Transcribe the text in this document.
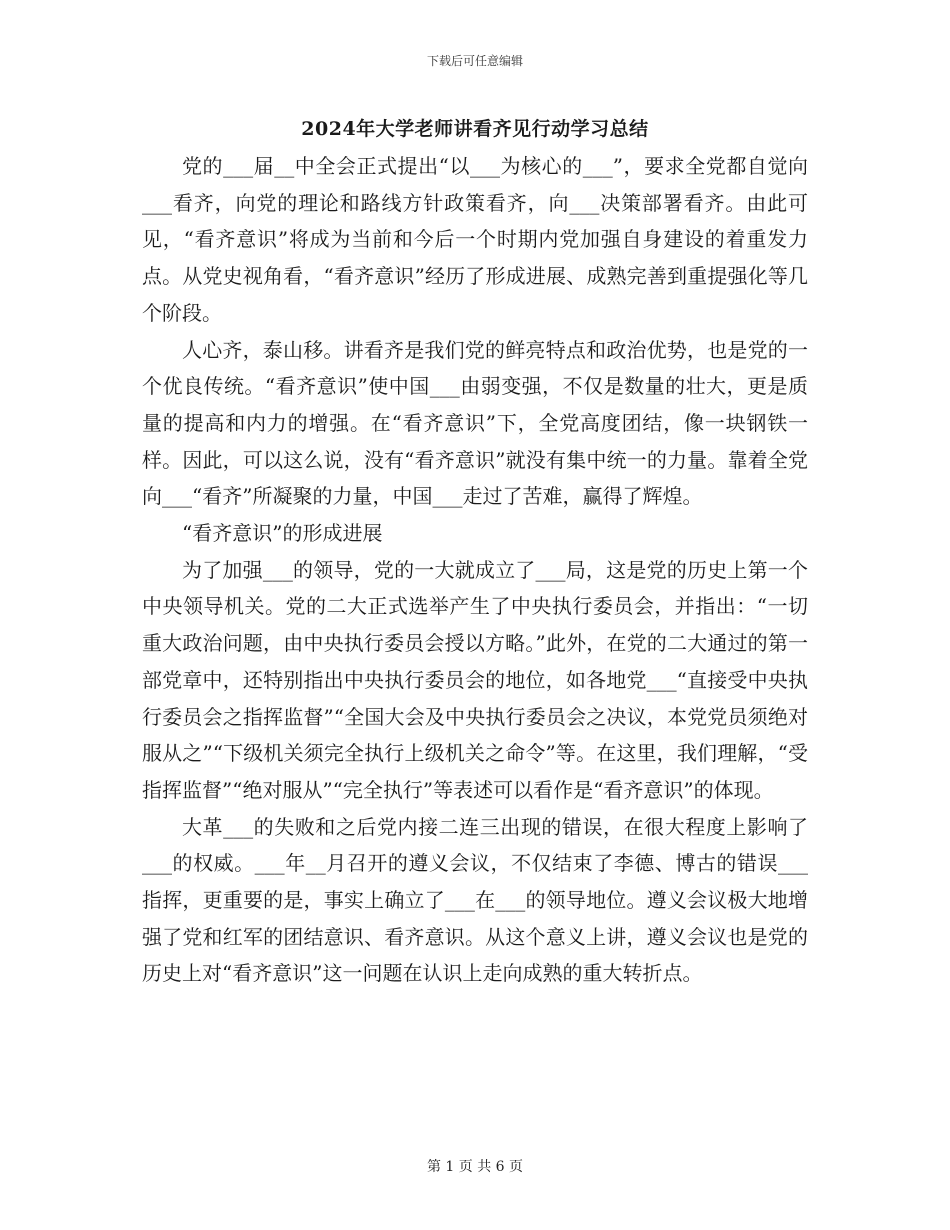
下载后可任意编辑
2024年大学老师讲看齐见行动学习总结

党的___届__中全会正式提出“以___为核心的___”，要求全党都自觉向___看齐，向党的理论和路线方针政策看齐，向___决策部署看齐。由此可见，“看齐意识”将成为当前和今后一个时期内党加强自身建设的着重发力点。从党史视角看，“看齐意识”经历了形成进展、成熟完善到重提强化等几个阶段。

人心齐，泰山移。讲看齐是我们党的鲜亮特点和政治优势，也是党的一个优良传统。“看齐意识”使中国___由弱变强，不仅是数量的壮大，更是质量的提高和内力的增强。在“看齐意识”下，全党高度团结，像一块钢铁一样。因此，可以这么说，没有“看齐意识”就没有集中统一的力量。靠着全党向___“看齐”所凝聚的力量，中国___走过了苦难，赢得了辉煌。

“看齐意识”的形成进展

为了加强___的领导，党的一大就成立了___局，这是党的历史上第一个中央领导机关。党的二大正式选举产生了中央执行委员会，并指出：“一切重大政治问题，由中央执行委员会授以方略。”此外，在党的二大通过的第一部党章中，还特别指出中央执行委员会的地位，如各地党___“直接受中央执行委员会之指挥监督”“全国大会及中央执行委员会之决议，本党党员须绝对服从之”“下级机关须完全执行上级机关之命令”等。在这里，我们理解，“受指挥监督”“绝对服从”“完全执行”等表述可以看作是“看齐意识”的体现。

大革___的失败和之后党内接二连三出现的错误，在很大程度上影响了___的权威。___年__月召开的遵义会议，不仅结束了李德、博古的错误___指挥，更重要的是，事实上确立了___在___的领导地位。遵义会议极大地增强了党和红军的团结意识、看齐意识。从这个意义上讲，遵义会议也是党的历史上对“看齐意识”这一问题在认识上走向成熟的重大转折点。

第 1 页 共 6 页
